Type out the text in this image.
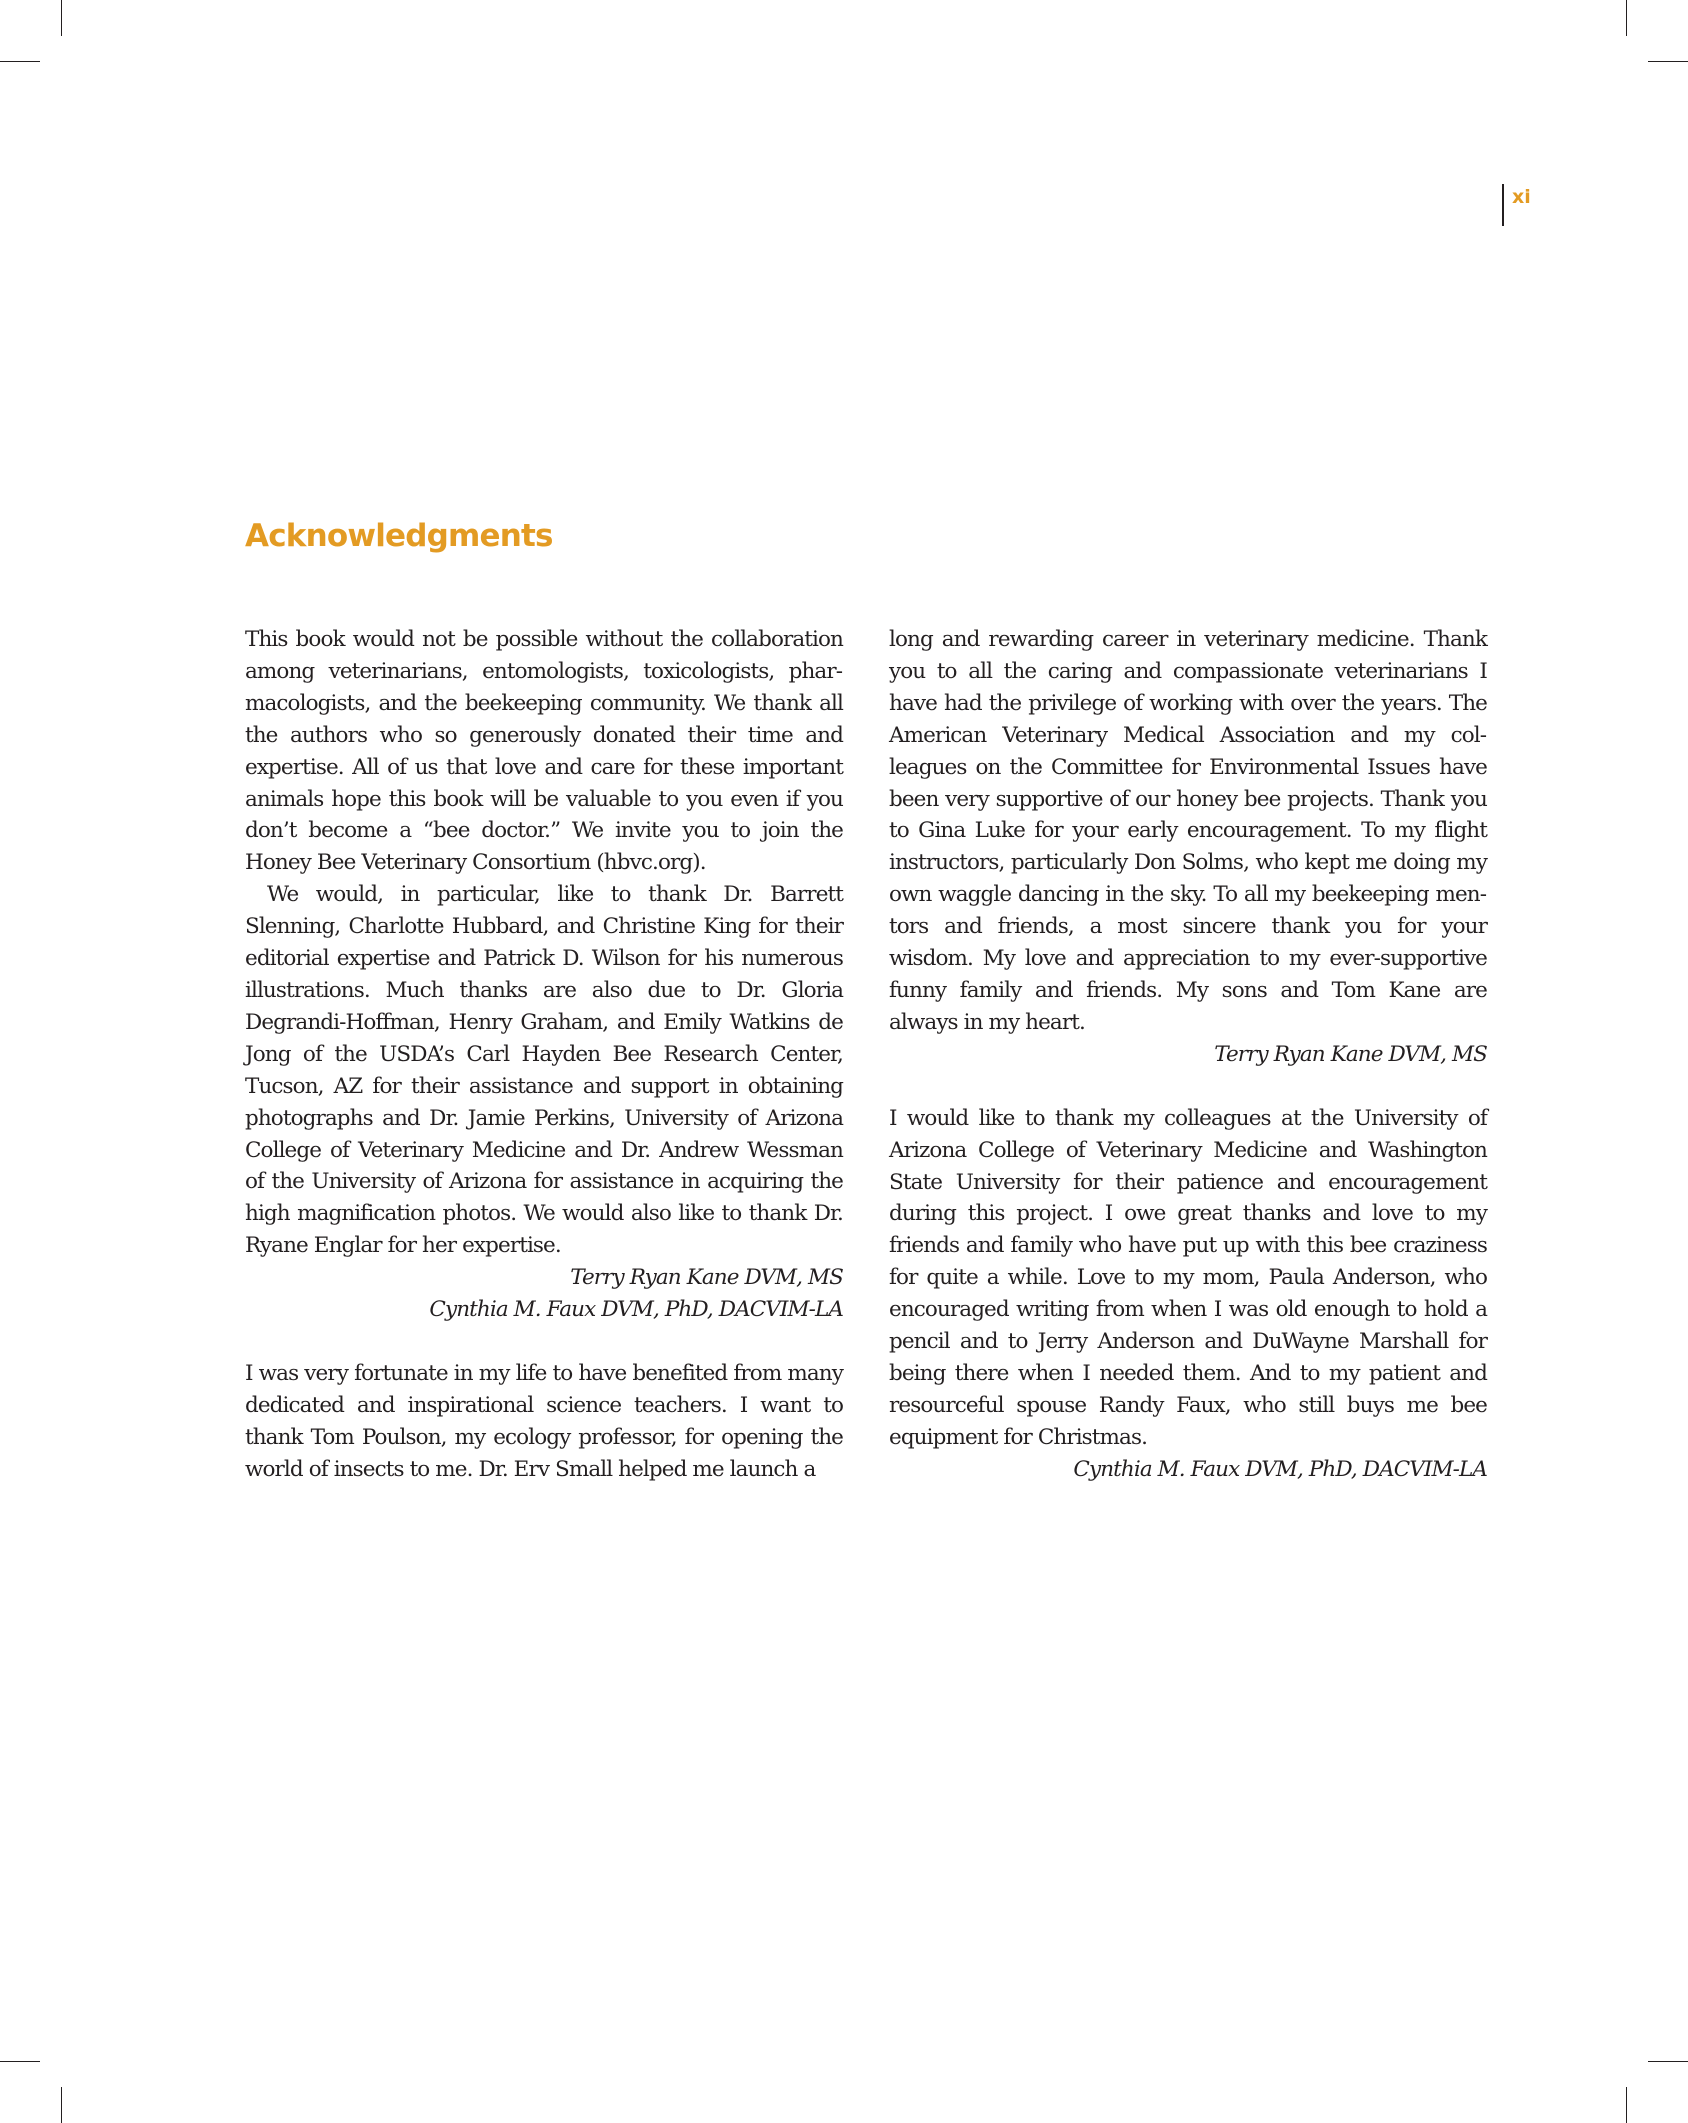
xi
Acknowledgments

This book would not be possible without the collaboration among veterinarians, entomologists, toxicologists, pharmacologists, and the beekeeping community. We thank all the authors who so generously donated their time and expertise. All of us that love and care for these important animals hope this book will be valuable to you even if you don’t become a “bee doctor.” We invite you to join the Honey Bee Veterinary Consortium (hbvc.org).

We would, in particular, like to thank Dr. Barrett Slenning, Charlotte Hubbard, and Christine King for their editorial expertise and Patrick D. Wilson for his numerous illustrations. Much thanks are also due to Dr. Gloria Degrandi-Hoffman, Henry Graham, and Emily Watkins de Jong of the USDA’s Carl Hayden Bee Research Center, Tucson, AZ for their assistance and support in obtaining photographs and Dr. Jamie Perkins, University of Arizona College of Veterinary Medicine and Dr. Andrew Wessman of the University of Arizona for assistance in acquiring the high magnification photos. We would also like to thank Dr. Ryane Englar for her expertise.

Terry Ryan Kane DVM, MS

Cynthia M. Faux DVM, PhD, DACVIM-LA

I was very fortunate in my life to have benefited from many dedicated and inspirational science teachers. I want to thank Tom Poulson, my ecology professor, for opening the world of insects to me. Dr. Erv Small helped me launch a

long and rewarding career in veterinary medicine. Thank you to all the caring and compassionate veterinarians I have had the privilege of working with over the years. The American Veterinary Medical Association and my colleagues on the Committee for Environmental Issues have been very supportive of our honey bee projects. Thank you to Gina Luke for your early encouragement. To my flight instructors, particularly Don Solms, who kept me doing my own waggle dancing in the sky. To all my beekeeping mentors and friends, a most sincere thank you for your wisdom. My love and appreciation to my ever-supportive funny family and friends. My sons and Tom Kane are always in my heart.

Terry Ryan Kane DVM, MS

I would like to thank my colleagues at the University of Arizona College of Veterinary Medicine and Washington State University for their patience and encouragement during this project. I owe great thanks and love to my friends and family who have put up with this bee craziness for quite a while. Love to my mom, Paula Anderson, who encouraged writing from when I was old enough to hold a pencil and to Jerry Anderson and DuWayne Marshall for being there when I needed them. And to my patient and resourceful spouse Randy Faux, who still buys me bee equipment for Christmas.

Cynthia M. Faux DVM, PhD, DACVIM-LA
